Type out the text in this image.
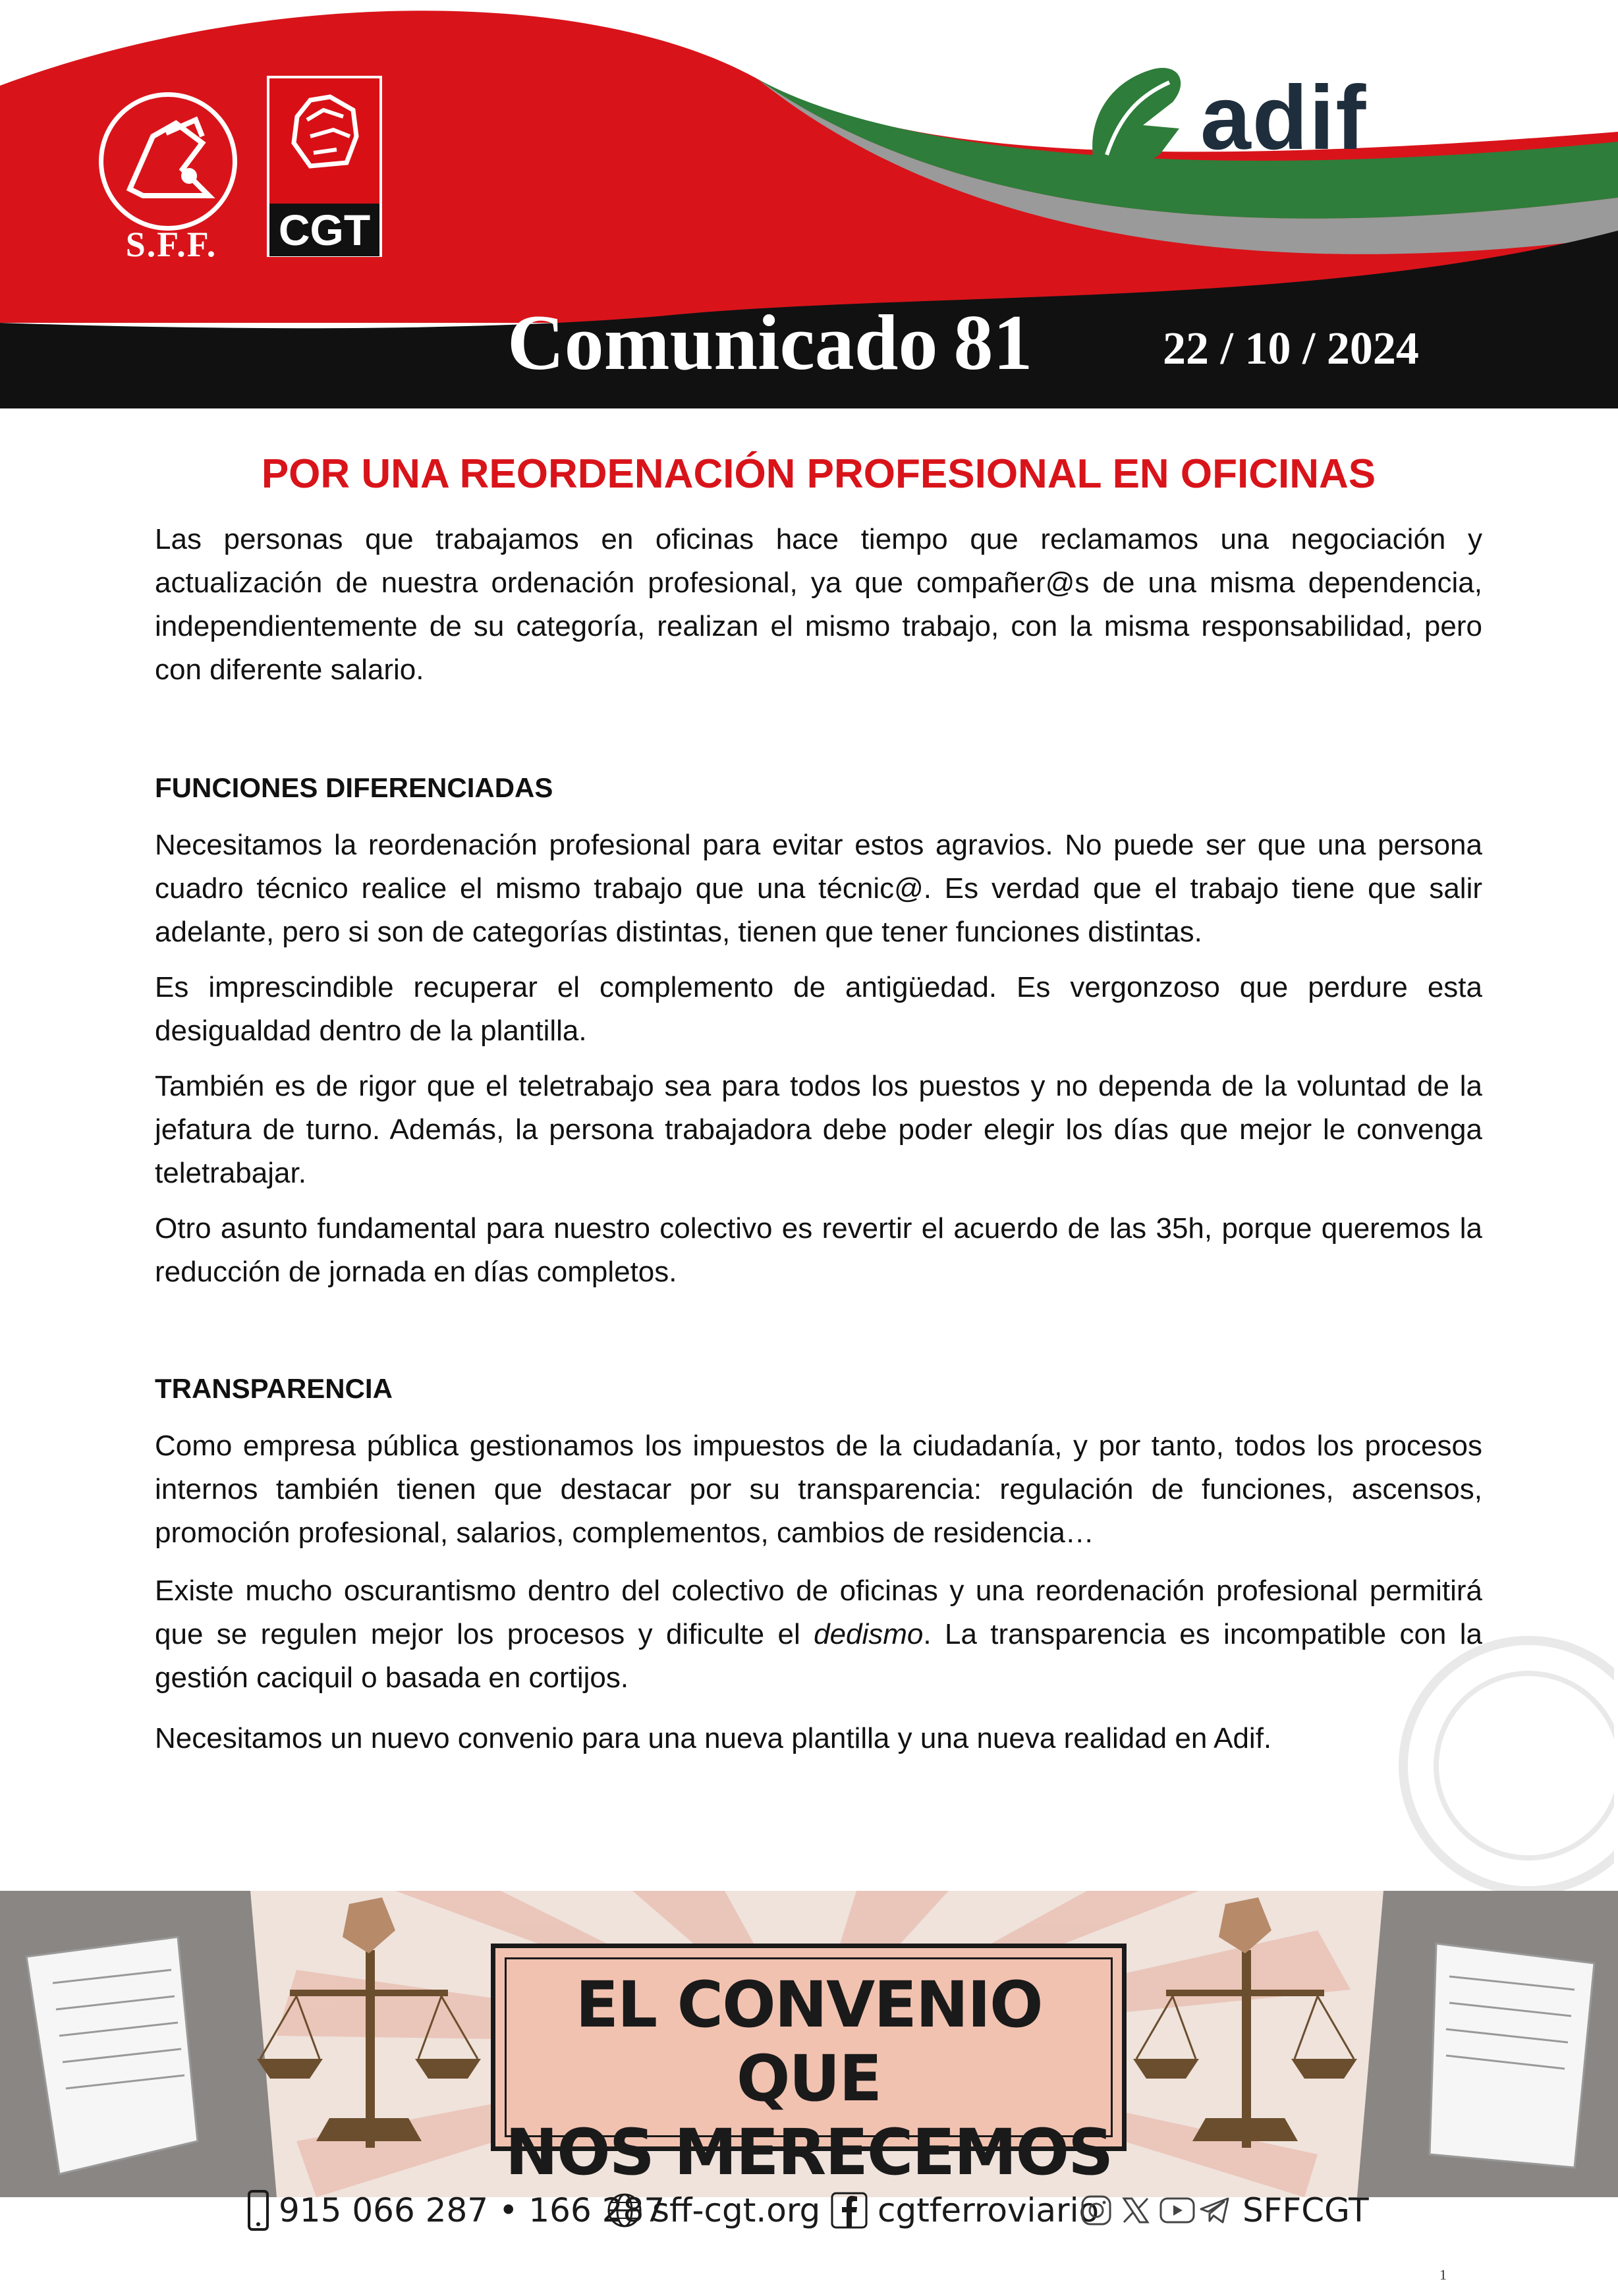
S.F.F.	CGT
adif
Comunicado 81	22 / 10 / 2024
POR UNA REORDENACIÓN PROFESIONAL EN OFICINAS

Las personas que trabajamos en oficinas hace tiempo que reclamamos una negociación y actualización de nuestra ordenación profesional, ya que compañer@s de una misma dependencia, independientemente de su categoría, realizan el mismo trabajo, con la misma responsabilidad, pero con diferente salario.

FUNCIONES DIFERENCIADAS

Necesitamos la reordenación profesional para evitar estos agravios. No puede ser que una persona cuadro técnico realice el mismo trabajo que una técnic@. Es verdad que el trabajo tiene que salir adelante, pero si son de categorías distintas, tienen que tener funciones distintas.

Es imprescindible recuperar el complemento de antigüedad. Es vergonzoso que perdure esta desigualdad dentro de la plantilla.

También es de rigor que el teletrabajo sea para todos los puestos y no dependa de la voluntad de la jefatura de turno. Además, la persona trabajadora debe poder elegir los días que mejor le convenga teletrabajar.

Otro asunto fundamental para nuestro colectivo es revertir el acuerdo de las 35h, porque queremos la reducción de jornada en días completos.

TRANSPARENCIA

Como empresa pública gestionamos los impuestos de la ciudadanía, y por tanto, todos los procesos internos también tienen que destacar por su transparencia: regulación de funciones, ascensos, promoción profesional, salarios, complementos, cambios de residencia…

Existe mucho oscurantismo dentro del colectivo de oficinas y una reordenación profesional permitirá que se regulen mejor los procesos y dificulte el dedismo. La transparencia es incompatible con la gestión caciquil o basada en cortijos.

Necesitamos un nuevo convenio para una nueva plantilla y una nueva realidad en Adif.

EL CONVENIO QUE
NOS MERECEMOS
915 066 287 • 166 287
sff-cgt.org cgtferroviario	SFFCGT
1
